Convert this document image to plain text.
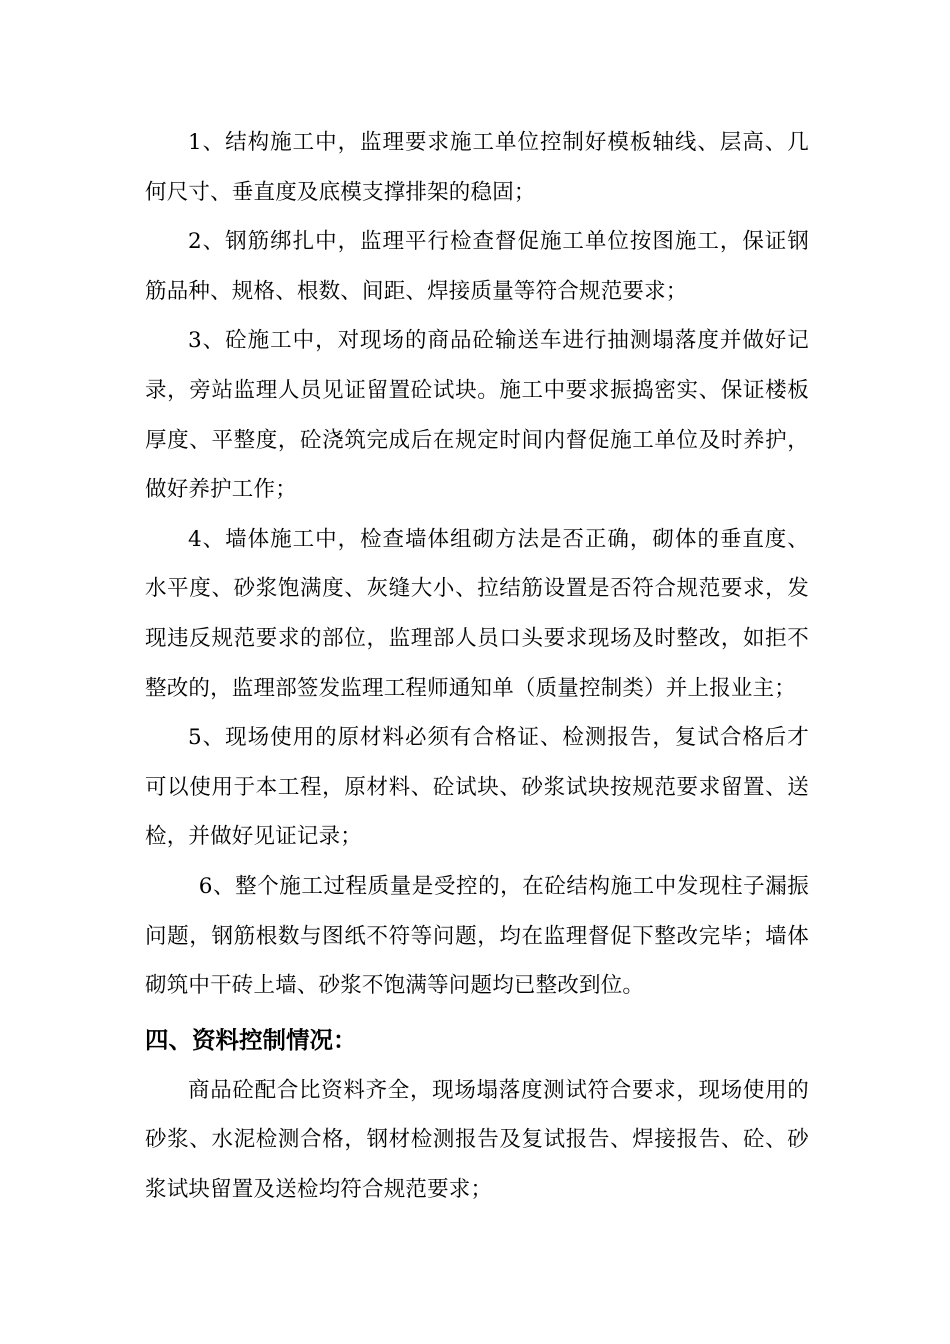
1、结构施工中，监理要求施工单位控制好模板轴线、层高、几何尺寸、垂直度及底模支撑排架的稳固；

2、钢筋绑扎中，监理平行检查督促施工单位按图施工，保证钢筋品种、规格、根数、间距、焊接质量等符合规范要求；

3、砼施工中，对现场的商品砼输送车进行抽测塌落度并做好记录，旁站监理人员见证留置砼试块。施工中要求振捣密实、保证楼板厚度、平整度，砼浇筑完成后在规定时间内督促施工单位及时养护，做好养护工作；

4、墙体施工中，检查墙体组砌方法是否正确，砌体的垂直度、水平度、砂浆饱满度、灰缝大小、拉结筋设置是否符合规范要求，发现违反规范要求的部位，监理部人员口头要求现场及时整改，如拒不整改的，监理部签发监理工程师通知单（质量控制类）并上报业主；

5、现场使用的原材料必须有合格证、检测报告，复试合格后才可以使用于本工程，原材料、砼试块、砂浆试块按规范要求留置、送检，并做好见证记录；

6、整个施工过程质量是受控的，在砼结构施工中发现柱子漏振问题，钢筋根数与图纸不符等问题，均在监理督促下整改完毕；墙体砌筑中干砖上墙、砂浆不饱满等问题均已整改到位。

四、资料控制情况：

商品砼配合比资料齐全，现场塌落度测试符合要求，现场使用的砂浆、水泥检测合格，钢材检测报告及复试报告、焊接报告、砼、砂浆试块留置及送检均符合规范要求；
